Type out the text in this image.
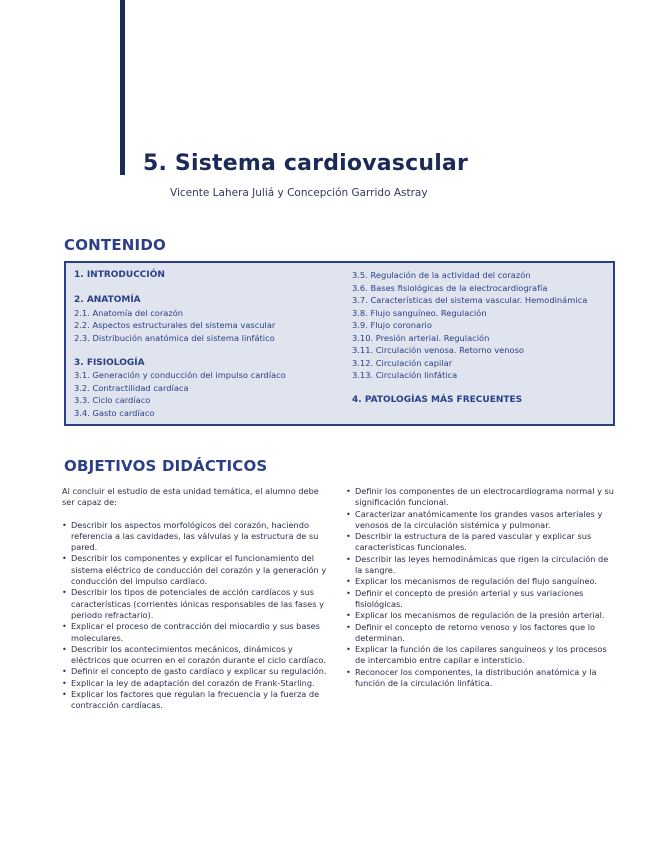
5. Sistema cardiovascular
Vicente Lahera Juliá y Concepción Garrido Astray
CONTENIDO
1. INTRODUCCIÓN
2. ANATOMÍA
2.1. Anatomía del corazón
2.2. Aspectos estructurales del sistema vascular
2.3. Distribución anatómica del sistema linfático
3. FISIOLOGÍA
3.1. Generación y conducción del impulso cardíaco
3.2. Contractilidad cardíaca
3.3. Ciclo cardíaco
3.4. Gasto cardíaco
3.5. Regulación de la actividad del corazón
3.6. Bases fisiológicas de la electrocardiografía
3.7. Características del sistema vascular. Hemodinámica
3.8. Flujo sanguíneo. Regulación
3.9. Flujo coronario
3.10. Presión arterial. Regulación
3.11. Circulación venosa. Retorno venoso
3.12. Circulación capilar
3.13. Circulación linfática
4. PATOLOGÍAS MÁS FRECUENTES
OBJETIVOS DIDÁCTICOS

Al concluir el estudio de esta unidad temática, el alumno debe ser capaz de:

• Describir los aspectos morfológicos del corazón, haciendo referencia a las cavidades, las válvulas y la estructura de su pared.
• Describir los componentes y explicar el funcionamiento del sistema eléctrico de conducción del corazón y la generación y conducción del impulso cardíaco.
• Describir los tipos de potenciales de acción cardíacos y sus características (corrientes iónicas responsables de las fases y periodo refractario).
• Explicar el proceso de contracción del miocardio y sus bases moleculares.
• Describir los acontecimientos mecánicos, dinámicos y eléctricos que ocurren en el corazón durante el ciclo cardíaco.
• Definir el concepto de gasto cardíaco y explicar su regulación.
• Explicar la ley de adaptación del corazón de Frank-Starling.
• Explicar los factores que regulan la frecuencia y la fuerza de contracción cardíacas.
• Definir los componentes de un electrocardiograma normal y su significación funcional.
• Caracterizar anatómicamente los grandes vasos arteriales y venosos de la circulación sistémica y pulmonar.
• Describir la estructura de la pared vascular y explicar sus características funcionales.
• Describir las leyes hemodinámicas que rigen la circulación de la sangre.
• Explicar los mecanismos de regulación del flujo sanguíneo.
• Definir el concepto de presión arterial y sus variaciones fisiológicas.
• Explicar los mecanismos de regulación de la presión arterial.
• Definir el concepto de retorno venoso y los factores que lo determinan.
• Explicar la función de los capilares sanguíneos y los procesos de intercambio entre capilar e intersticio.
• Reconocer los componentes, la distribución anatómica y la función de la circulación linfática.
